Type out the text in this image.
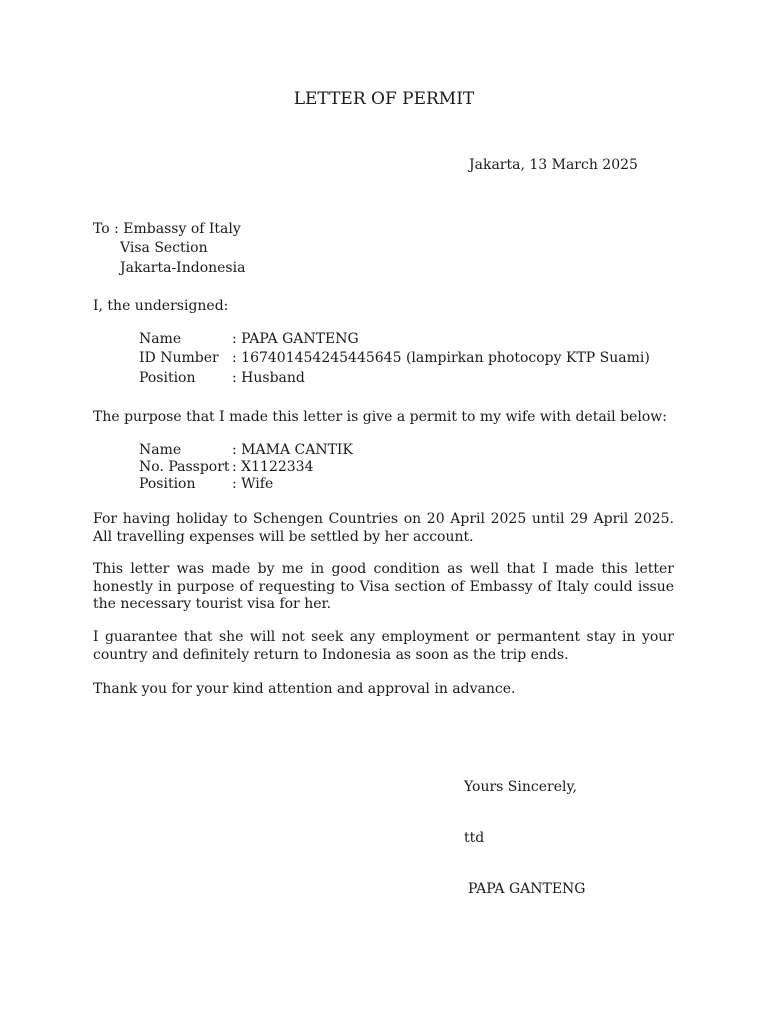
LETTER OF PERMIT
Jakarta, 13 March 2025
To : Embassy of Italy
Visa Section
Jakarta-Indonesia
I, the undersigned:
Name	: PAPA GANTENG
ID Number : 167401454245445645 (lampirkan photocopy KTP Suami)
Position	: Husband
The purpose that I made this letter is give a permit to my wife with detail below:
Name	: MAMA CANTIK
No. Passport : X1122334
Position	: Wife
For having holiday to Schengen Countries on 20 April 2025 until 29 April 2025. All travelling expenses will be settled by her account.
This letter was made by me in good condition as well that I made this letter honestly in purpose of requesting to Visa section of Embassy of Italy could issue the necessary tourist visa for her.
I guarantee that she will not seek any employment or permantent stay in your country and definitely return to Indonesia as soon as the trip ends.
Thank you for your kind attention and approval in advance.
Yours Sincerely,
ttd
PAPA GANTENG
